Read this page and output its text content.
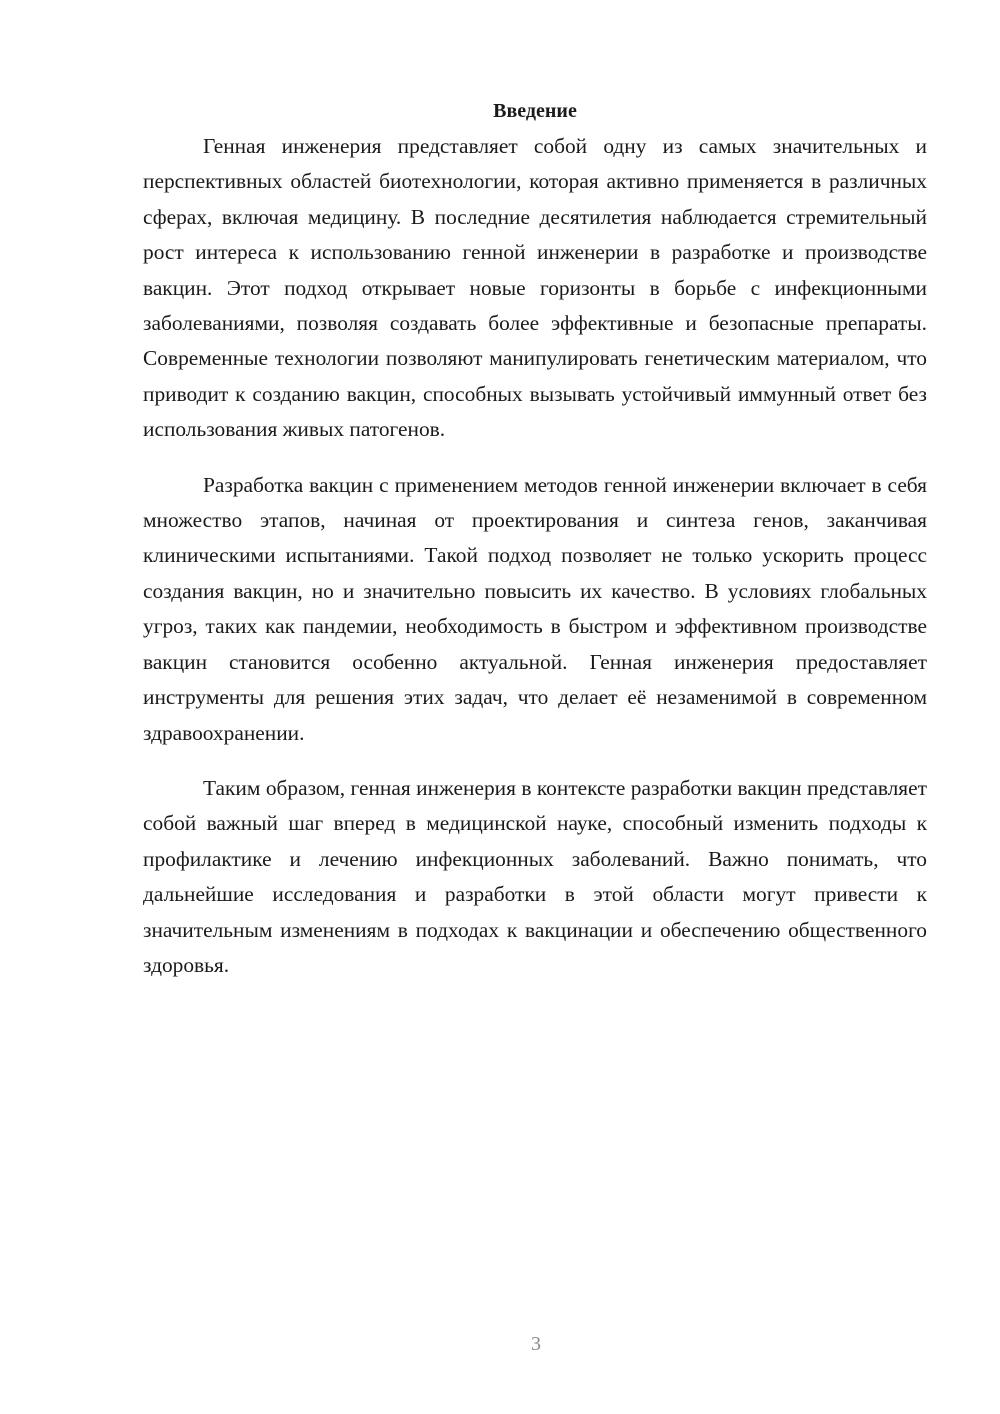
Введение

Генная инженерия представляет собой одну из самых значительных и перспективных областей биотехнологии, которая активно применяется в различных сферах, включая медицину. В последние десятилетия наблюдается стремительный рост интереса к использованию генной инженерии в разработке и производстве вакцин. Этот подход открывает новые горизонты в борьбе с инфекционными заболеваниями, позволяя создавать более эффективные и безопасные препараты. Современные технологии позволяют манипулировать генетическим материалом, что приводит к созданию вакцин, способных вызывать устойчивый иммунный ответ без использования живых патогенов.

Разработка вакцин с применением методов генной инженерии включает в себя множество этапов, начиная от проектирования и синтеза генов, заканчивая клиническими испытаниями. Такой подход позволяет не только ускорить процесс создания вакцин, но и значительно повысить их качество. В условиях глобальных угроз, таких как пандемии, необходимость в быстром и эффективном производстве вакцин становится особенно актуальной. Генная инженерия предоставляет инструменты для решения этих задач, что делает её незаменимой в современном здравоохранении.

Таким образом, генная инженерия в контексте разработки вакцин представляет собой важный шаг вперед в медицинской науке, способный изменить подходы к профилактике и лечению инфекционных заболеваний. Важно понимать, что дальнейшие исследования и разработки в этой области могут привести к значительным изменениям в подходах к вакцинации и обеспечению общественного здоровья.

3
